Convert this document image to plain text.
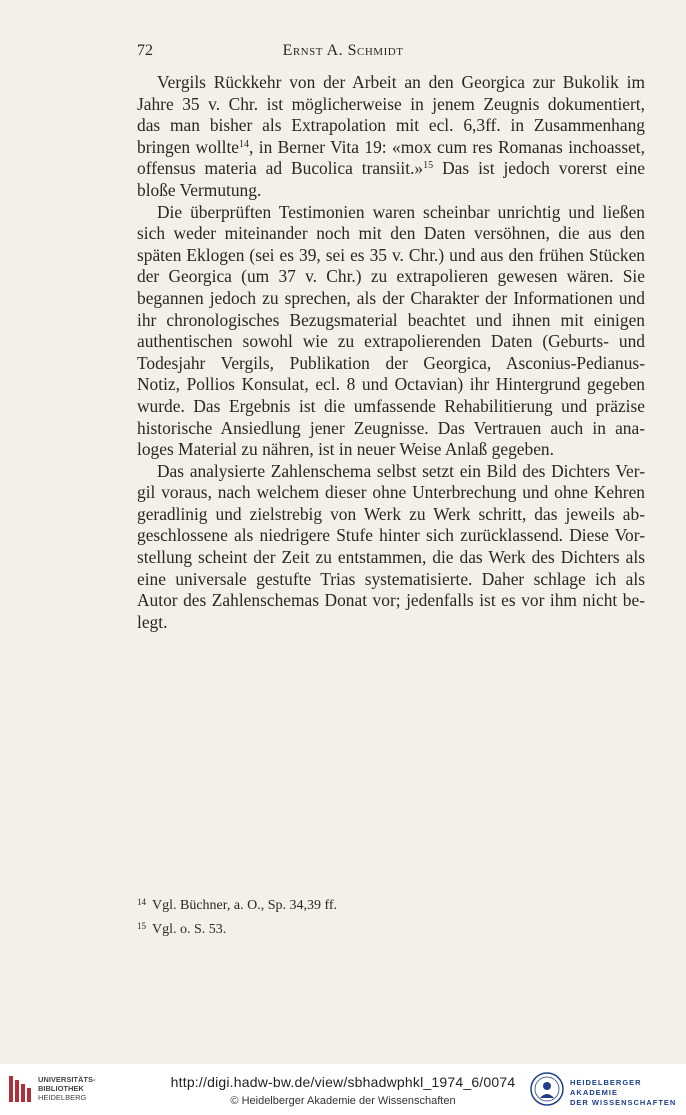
72	Ernst A. Schmidt
Vergils Rückkehr von der Arbeit an den Georgica zur Bukolik im
Jahre 35 v. Chr. ist möglicherweise in jenem Zeugnis dokumentiert,
das man bisher als Extrapolation mit ecl. 6,3ff. in Zusammenhang
bringen wollte$^{14}$, in Berner Vita 19: «mox cum res Romanas inchoasset,
offensus materia ad Bucolica transiit.»$^{15}$ Das ist jedoch vorerst eine
bloße Vermutung.
Die überprüften Testimonien waren scheinbar unrichtig und ließen
sich weder miteinander noch mit den Daten versöhnen, die aus den
späten Eklogen (sei es 39, sei es 35 v. Chr.) und aus den frühen Stücken
der Georgica (um 37 v. Chr.) zu extrapolieren gewesen wären. Sie
begannen jedoch zu sprechen, als der Charakter der Informationen und
ihr chronologisches Bezugsmaterial beachtet und ihnen mit einigen
authentischen sowohl wie zu extrapolierenden Daten (Geburts- und
Todesjahr Vergils, Publikation der Georgica, Asconius-Pedianus-
Notiz, Pollios Konsulat, ecl. 8 und Octavian) ihr Hintergrund gegeben
wurde. Das Ergebnis ist die umfassende Rehabilitierung und präzise
historische Ansiedlung jener Zeugnisse. Das Vertrauen auch in ana-
loges Material zu nähren, ist in neuer Weise Anlaß gegeben.
Das analysierte Zahlenschema selbst setzt ein Bild des Dichters Ver-
gil voraus, nach welchem dieser ohne Unterbrechung und ohne Kehren
geradlinig und zielstrebig von Werk zu Werk schritt, das jeweils ab-
geschlossene als niedrigere Stufe hinter sich zurücklassend. Diese Vor-
stellung scheint der Zeit zu entstammen, die das Werk des Dichters als
eine universale gestufte Trias systematisierte. Daher schlage ich als
Autor des Zahlenschemas Donat vor; jedenfalls ist es vor ihm nicht be-
legt.
$^{14}$ Vgl. Büchner, a. O., Sp. 34,39 ff.
$^{15}$ Vgl. o. S. 53.
UNIVERSITÄTS-
BIBLIOTHEK
HEIDELBERG
http://digi.hadw-bw.de/view/sbhadwphkl_1974_6/0074
© Heidelberger Akademie der Wissenschaften
HEIDELBERGER AKADEMIE
DER WISSENSCHAFTEN
